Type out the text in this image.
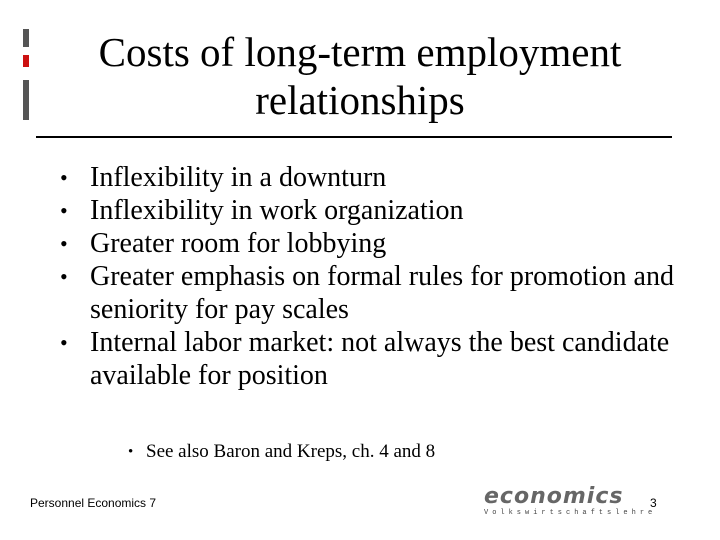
Costs of long-term employment
relationships
• Inflexibility in a downturn
• Inflexibility in work organization
• Greater room for lobbying
• Greater emphasis on formal rules for promotion and seniority for pay scales
• Internal labor market: not always the best candidate available for position
• See also Baron and Kreps, ch. 4 and 8
Personnel Economics 7	economics
Volkswirtschaftslehre
3
